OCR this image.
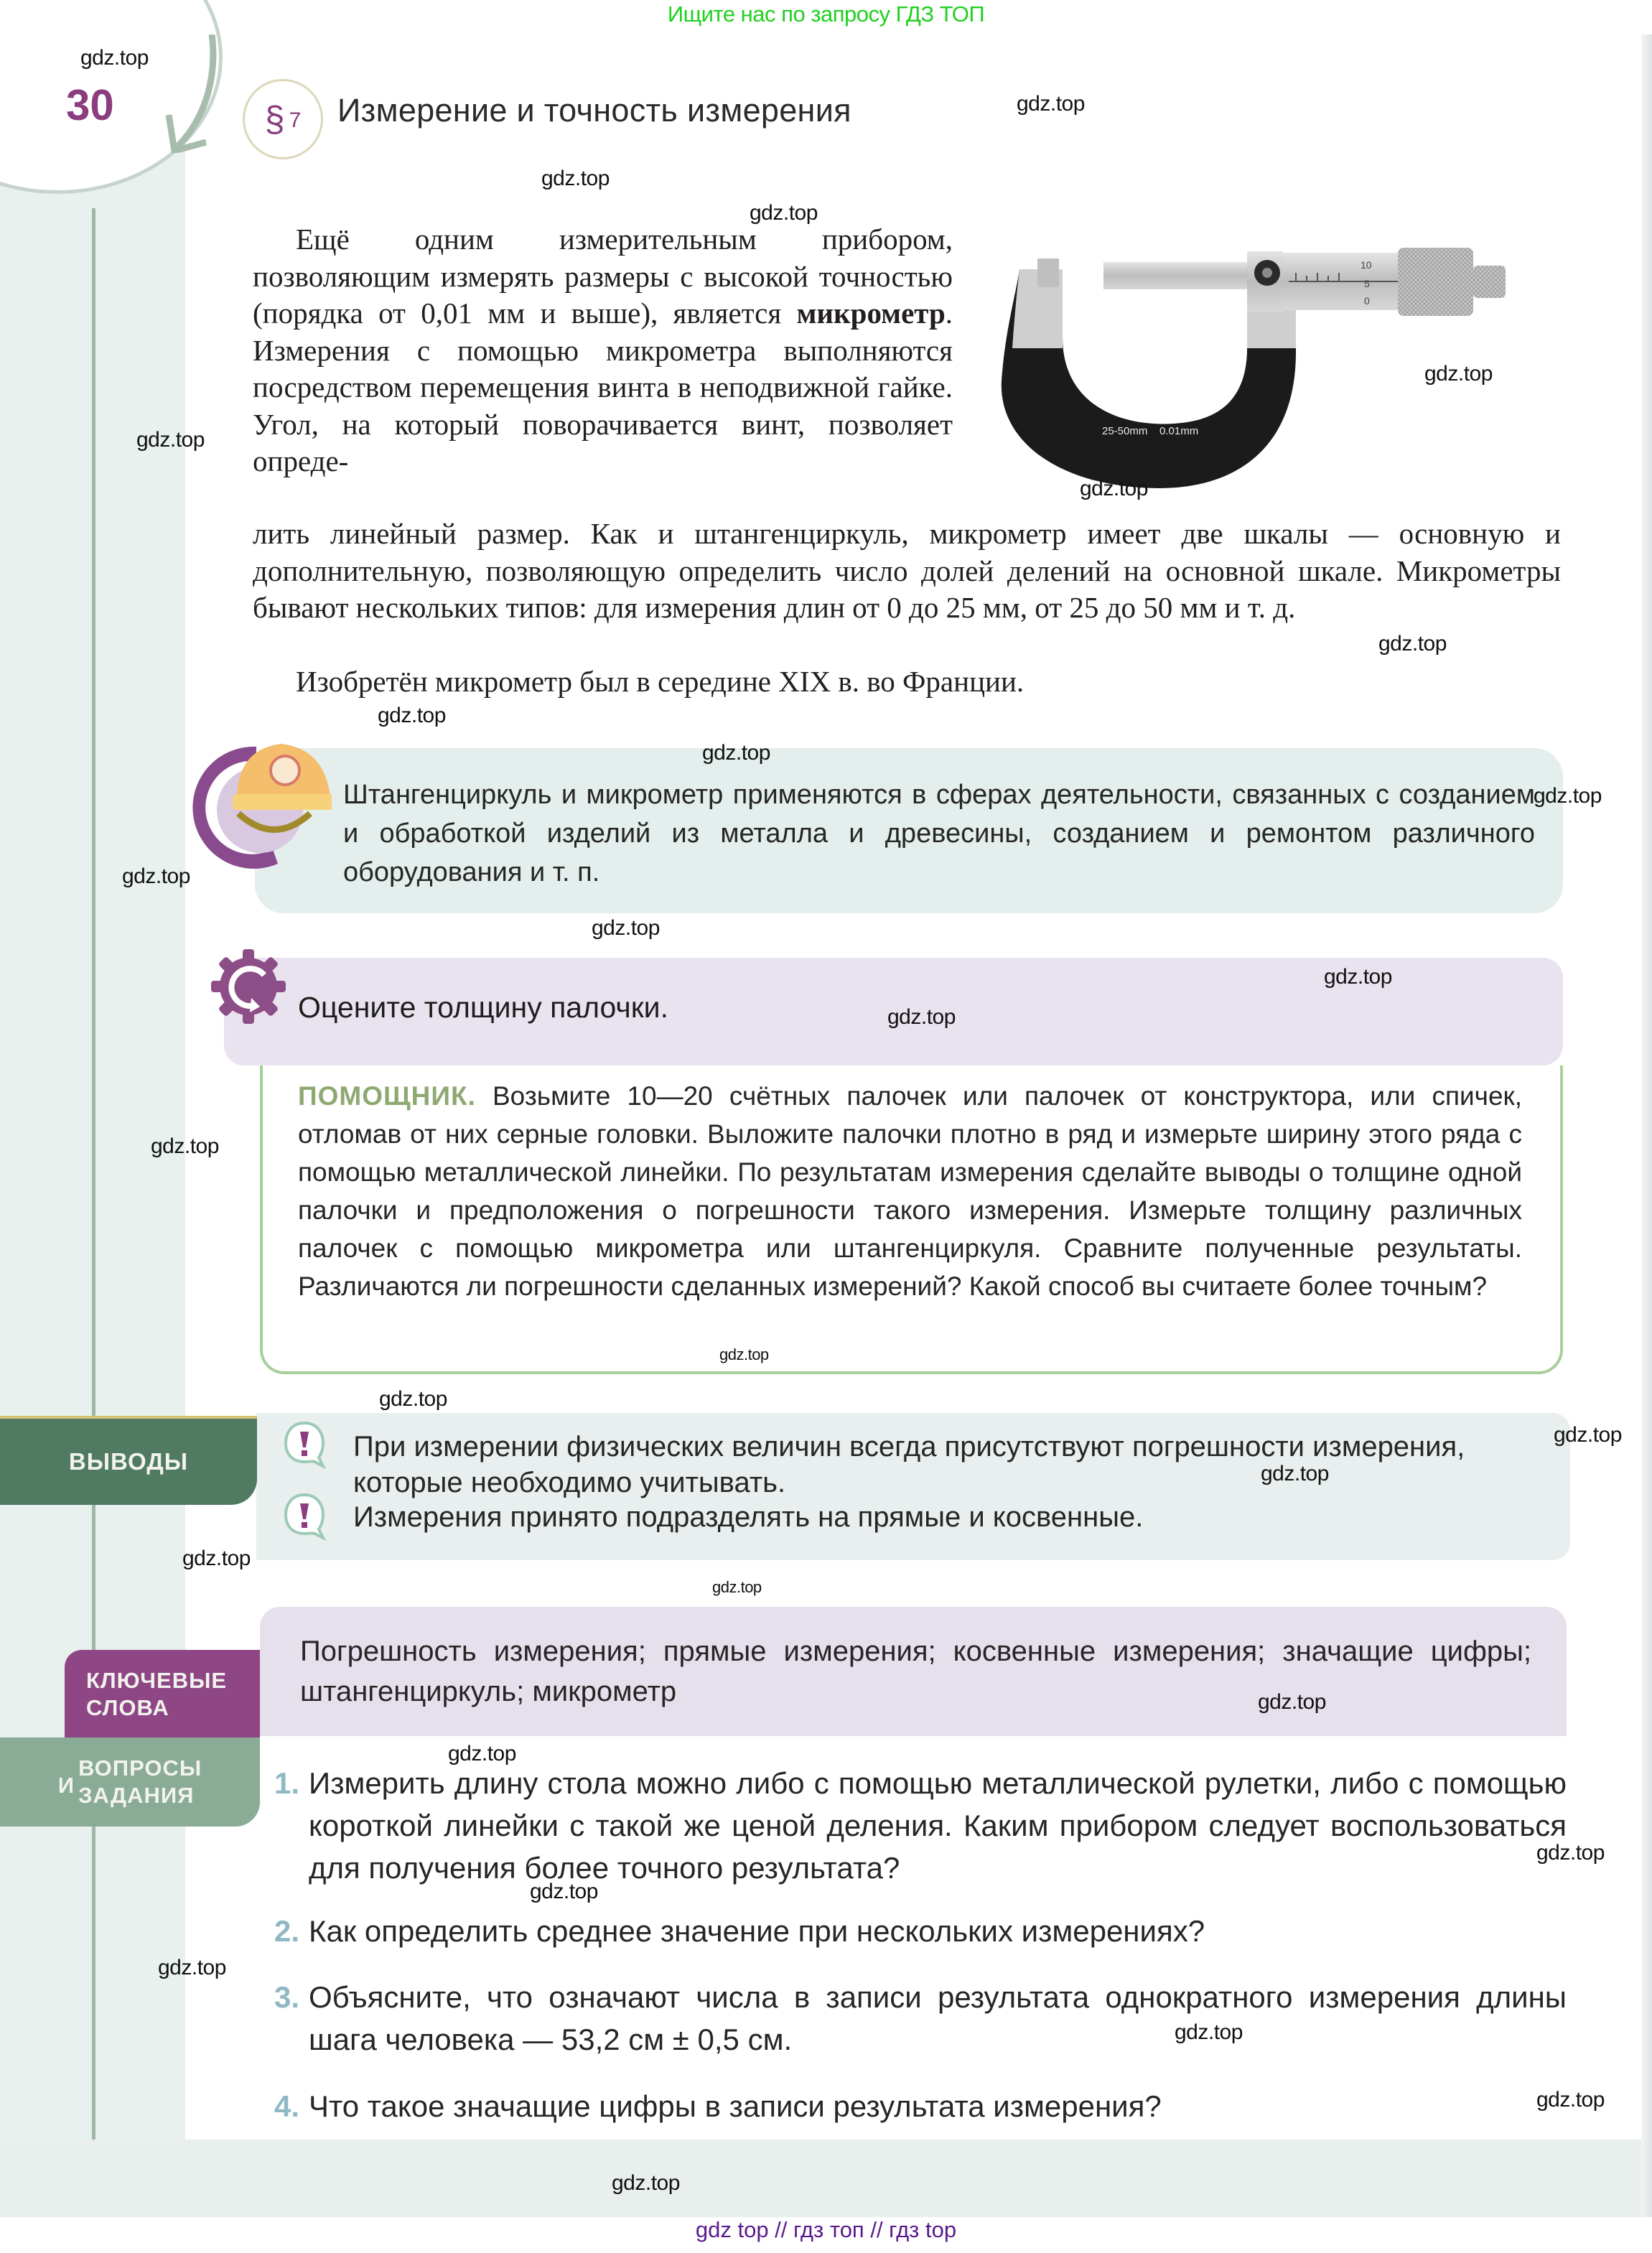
Ищите нас по запросу ГДЗ ТОП
30	§ 7 Измерение и точность измерения
Ещё одним измерительным прибором, позволяющим измерять размеры с высокой точностью (порядка от 0,01 мм и выше), является микрометр. Измерения с помощью микрометра выполняются посредством перемещения винта в неподвижной гайке. Угол, на который поворачивается винт, позволяет опреде-
лить линейный размер. Как и штангенциркуль, микрометр имеет две шкалы — основную и дополнительную, позволяющую определить число долей делений на основной шкале. Микрометры бывают нескольких типов: для измерения длин от 0 до 25 мм, от 25 до 50 мм и т. д.
Изобретён микрометр был в середине XIX в. во Франции.
10
5
0
25-50mm 0.01mm
Штангенциркуль и микрометр применяются в сферах деятельности, связанных с созданием и обработкой изделий из металла и древесины, созданием и ремонтом различного оборудования и т. п.
Оцените толщину палочки.
ПОМОЩНИК. Возьмите 10—20 счётных палочек или палочек от конструктора, или спичек, отломав от них серные головки. Выложите палочки плотно в ряд и измерьте ширину этого ряда с помощью металлической линейки. По результатам измерения сделайте выводы о толщине одной палочки и предположения о погрешности такого измерения. Измерьте толщину различных палочек с помощью микрометра или штангенциркуля. Сравните полученные результаты. Различаются ли погрешности сделанных измерений? Какой способ вы считаете более точным?
ВЫВОДЫ	При измерении физических величин всегда присутствуют погрешности измерения, которые необходимо учитывать.
Измерения принято подразделять на прямые и косвенные.
КЛЮЧЕВЫЕ
СЛОВА
Погрешность измерения; прямые измерения; косвенные измерения; значащие цифры; штангенциркуль; микрометр
И
ВОПРОСЫ
ЗАДАНИЯ	1. Измерить длину стола можно либо с помощью металлической рулетки, либо с помощью короткой линейки с такой же ценой деления. Каким прибором следует воспользоваться для получения более точного результата?
2. Как определить среднее значение при нескольких измерениях?
3. Объясните, что означают числа в записи результата однократного измерения длины шага человека — 53,2 см ± 0,5 см.
4. Что такое значащие цифры в записи результата измерения?
gdz.top
gdz.top
gdz.top
gdz.top
gdz.top
gdz.top
gdz.top
gdz.top
gdz.top
gdz.top
gdz.top
gdz.top
gdz.top
gdz.top
gdz.top
gdz.top
gdz.top
gdz.top
gdz.top
gdz.top
gdz.top
gdz.top
gdz.top
gdz.top
gdz.top
gdz.top
gdz.top
gdz.top
gdz.top
gdz.top
gdz top // гдз топ // гдз top
